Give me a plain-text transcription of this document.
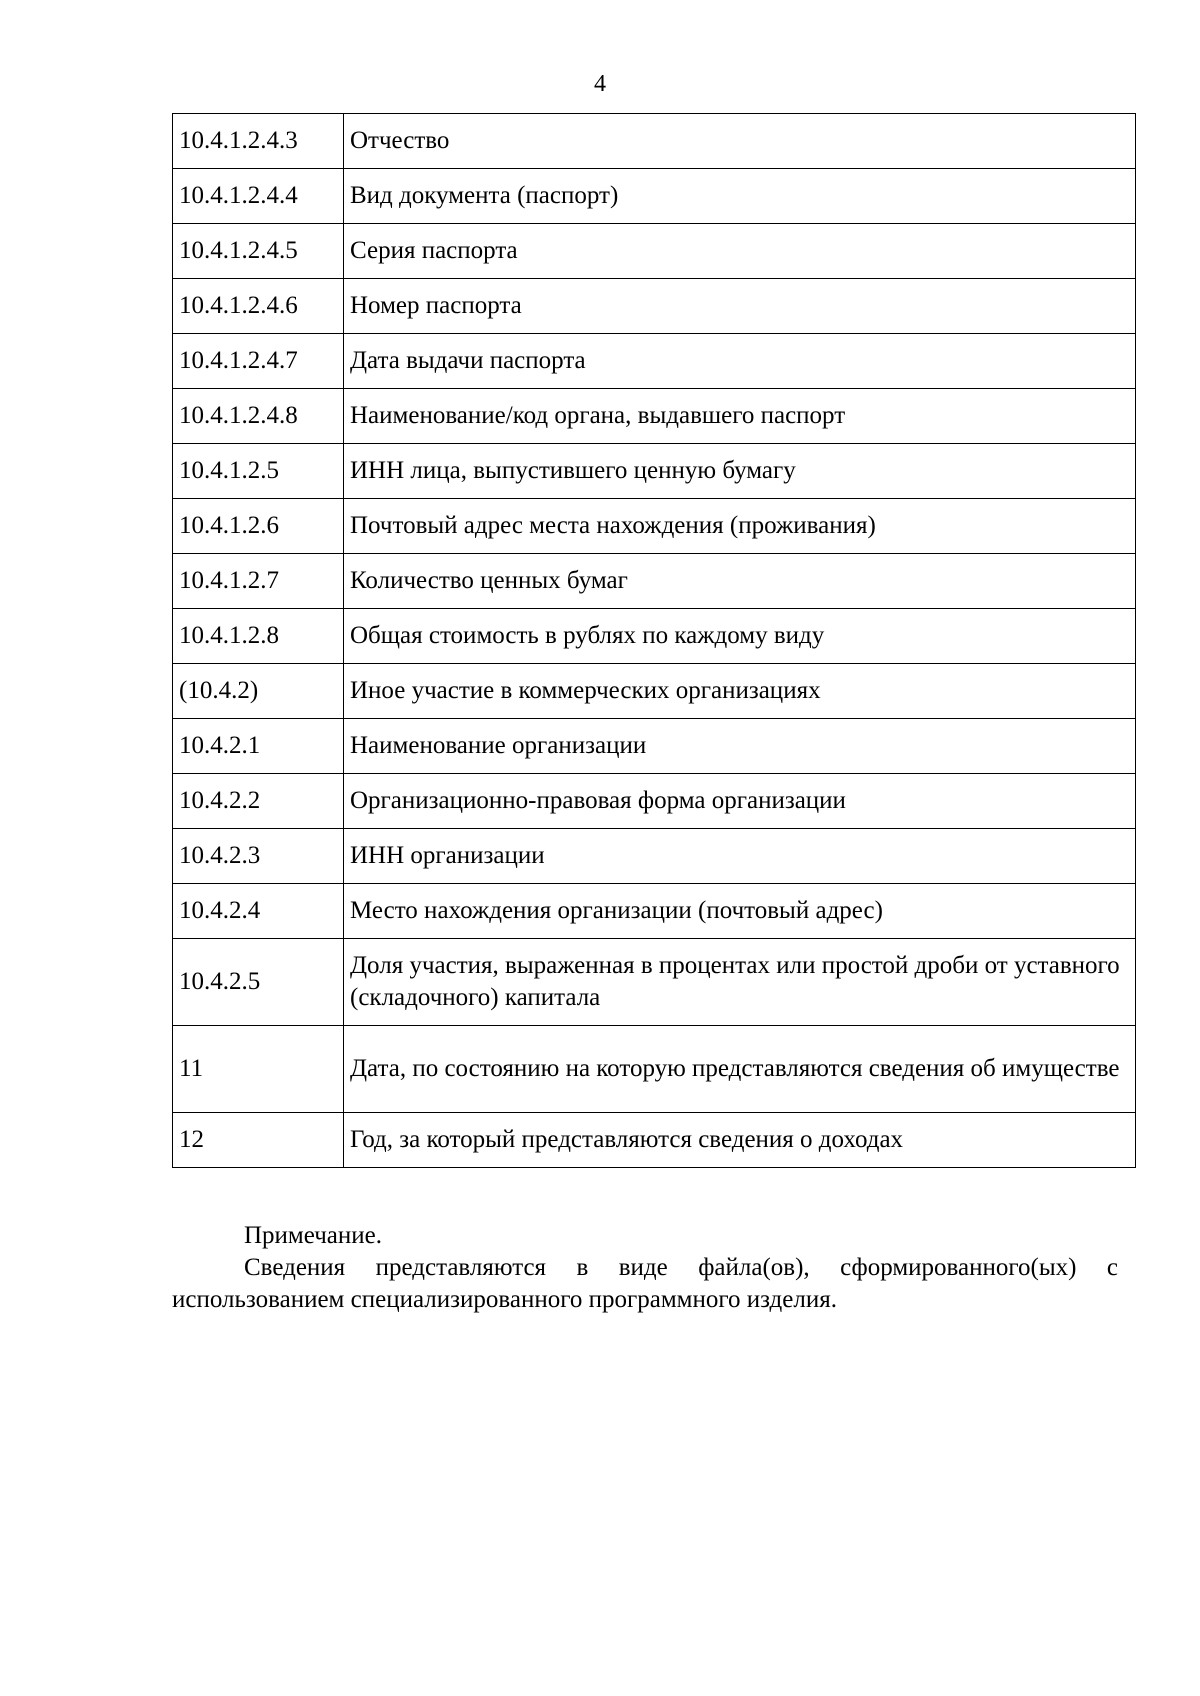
4
10.4.1.2.4.3	Отчество
10.4.1.2.4.4	Вид документа (паспорт)
10.4.1.2.4.5	Серия паспорта
10.4.1.2.4.6	Номер паспорта
10.4.1.2.4.7	Дата выдачи паспорта
10.4.1.2.4.8	Наименование/код органа, выдавшего паспорт
10.4.1.2.5	ИНН лица, выпустившего ценную бумагу
10.4.1.2.6	Почтовый адрес места нахождения (проживания)
10.4.1.2.7	Количество ценных бумаг
10.4.1.2.8	Общая стоимость в рублях по каждому виду
(10.4.2)	Иное участие в коммерческих организациях
10.4.2.1	Наименование организации
10.4.2.2	Организационно-правовая форма организации
10.4.2.3	ИНН организации
10.4.2.4	Место нахождения организации (почтовый адрес)
10.4.2.5	Доля участия, выраженная в процентах или простой дроби от уставного (складочного) капитала
11	Дата, по состоянию на которую представляются сведения об имуществе
12	Год, за который представляются сведения о доходах

Примечание.

Сведения представляются в виде файла(ов), сформированного(ых) с использованием специализированного программного изделия.
